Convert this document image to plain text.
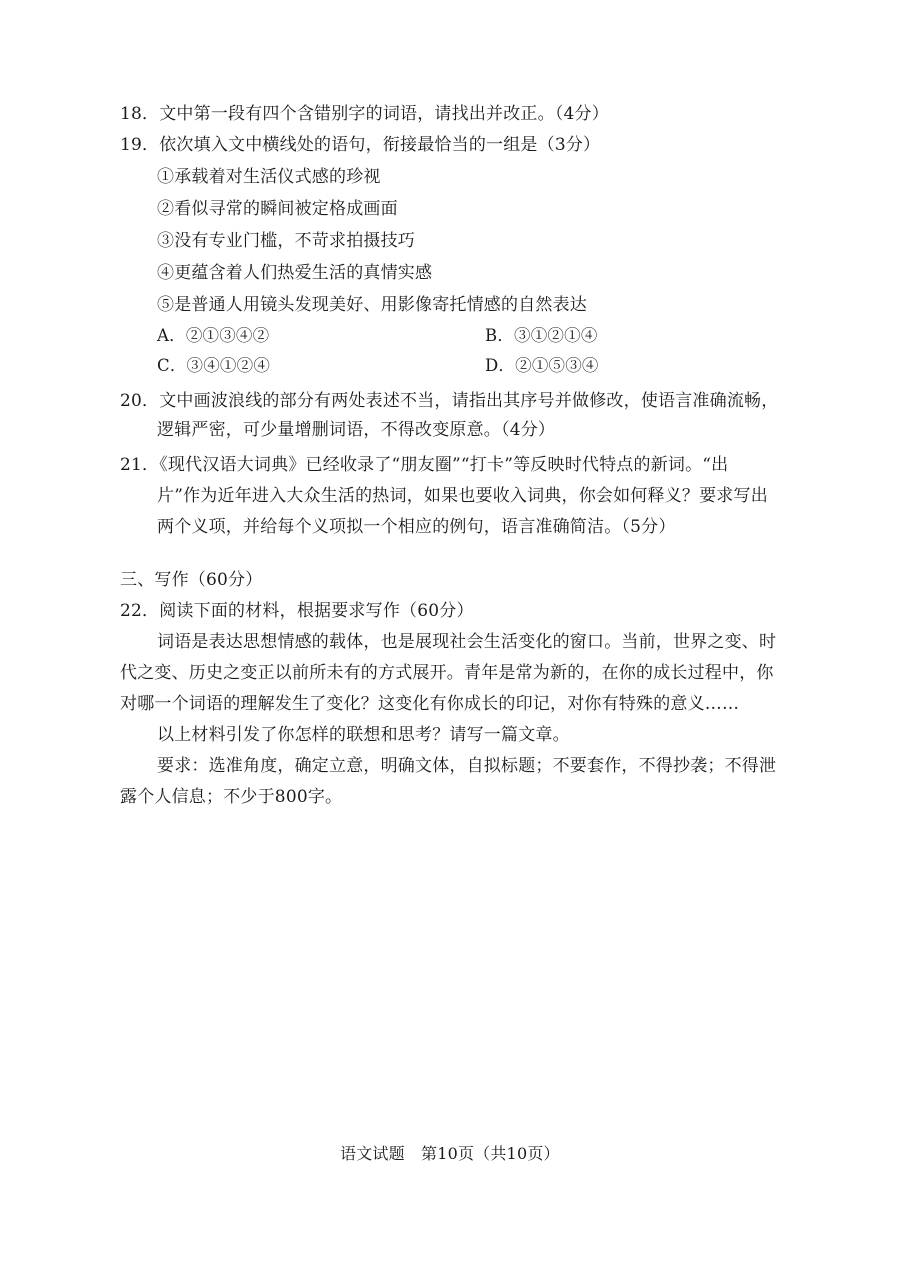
18．文中第一段有四个含错别字的词语，请找出并改正。（4分）
19．依次填入文中横线处的语句，衔接最恰当的一组是（3分）
①承载着对生活仪式感的珍视
②看似寻常的瞬间被定格成画面
③没有专业门槛，不苛求拍摄技巧
④更蕴含着人们热爱生活的真情实感
⑤是普通人用镜头发现美好、用影像寄托情感的自然表达
A．②①③④②	B．③①②①④
C．③④①②④	D．②①⑤③④
20．文中画波浪线的部分有两处表述不当，请指出其序号并做修改，使语言准确流畅，
逻辑严密，可少量增删词语，不得改变原意。（4分）
21．《现代汉语大词典》已经收录了“朋友圈”“打卡”等反映时代特点的新词。“出
片”作为近年进入大众生活的热词，如果也要收入词典，你会如何释义？要求写出
两个义项，并给每个义项拟一个相应的例句，语言准确简洁。（5分）
三、写作（60分）
22．阅读下面的材料，根据要求写作（60分）
词语是表达思想情感的载体，也是展现社会生活变化的窗口。当前，世界之变、时
代之变、历史之变正以前所未有的方式展开。青年是常为新的，在你的成长过程中，你
对哪一个词语的理解发生了变化？这变化有你成长的印记，对你有特殊的意义……
以上材料引发了你怎样的联想和思考？请写一篇文章。
要求：选准角度，确定立意，明确文体，自拟标题；不要套作，不得抄袭；不得泄
露个人信息；不少于800字。
语文试题　第10页（共10页）
